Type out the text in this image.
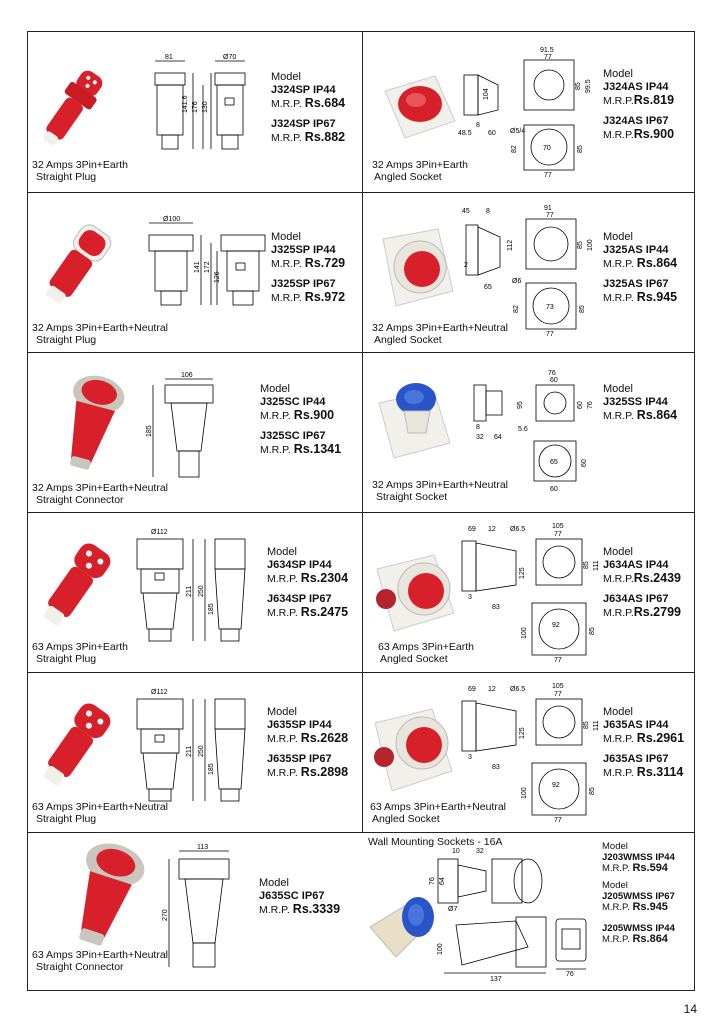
81	Ø70
141.6 176 130
Model
J324SP IP44
M.R.P. Rs.684
J324SP IP67
M.R.P. Rs.882
32 Amps 3Pin+Earth
Straight Plug
91.5
77
104
85 99.5
8
48.5 60 Ø5/4
82	70	85
77
Model
J324AS IP44
M.R.P.Rs.819
J324AS IP67
M.R.P.Rs.900
32 Amps 3Pin+Earth
Angled Socket
Ø100
141 172
126
Model
J325SP IP44
M.R.P. Rs.729
J325SP IP67
M.R.P. Rs.972
32 Amps 3Pin+Earth+Neutral
Straight Plug
45 8	91
77
112	85 100
2
65
Ø6
82	73	85
77
Model
J325AS IP44
M.R.P. Rs.864
J325AS IP67
M.R.P. Rs.945
32 Amps 3Pin+Earth+Neutral
Angled Socket
106
185
Model
J325SC IP44
M.R.P. Rs.900
J325SC IP67
M.R.P. Rs.1341
32 Amps 3Pin+Earth+Neutral
Straight Connector
76
60
95	60 76
8
32 64
5.6
65	60
60
Model
J325SS IP44
M.R.P. Rs.864
32 Amps 3Pin+Earth+Neutral
Straight Socket
Ø112
211 250
185
Model
J634SP IP44
M.R.P. Rs.2304
J634SP IP67
M.R.P. Rs.2475
63 Amps 3Pin+Earth
Straight Plug
69 12 Ø6.5	105
77
125
85 111
3
83
100
92
85
77
Model
J634AS IP44
M.R.P.Rs.2439
J634AS IP67
M.R.P.Rs.2799
63 Amps 3Pin+Earth
Angled Socket
Ø112
211 250
185
Model
J635SP IP44
M.R.P. Rs.2628
J635SP IP67
M.R.P. Rs.2898
63 Amps 3Pin+Earth+Neutral
Straight Plug
69 12 Ø6.5	105
77
125
85 111
3
83
100
92
85
77
Model
J635AS IP44
M.R.P. Rs.2961
J635AS IP67
M.R.P. Rs.3114
63 Amps 3Pin+Earth+Neutral
Angled Socket
113
270
Model
J635SC IP67
M.R.P. Rs.3339
63 Amps 3Pin+Earth+Neutral
Straight Connector
Wall Mounting Sockets - 16A
10 32
76 64
Ø7
100
137
76
Model
J203WMSS IP44
M.R.P. Rs.594
Model
J205WMSS IP67
M.R.P. Rs.945
J205WMSS IP44
M.R.P. Rs.864
14
